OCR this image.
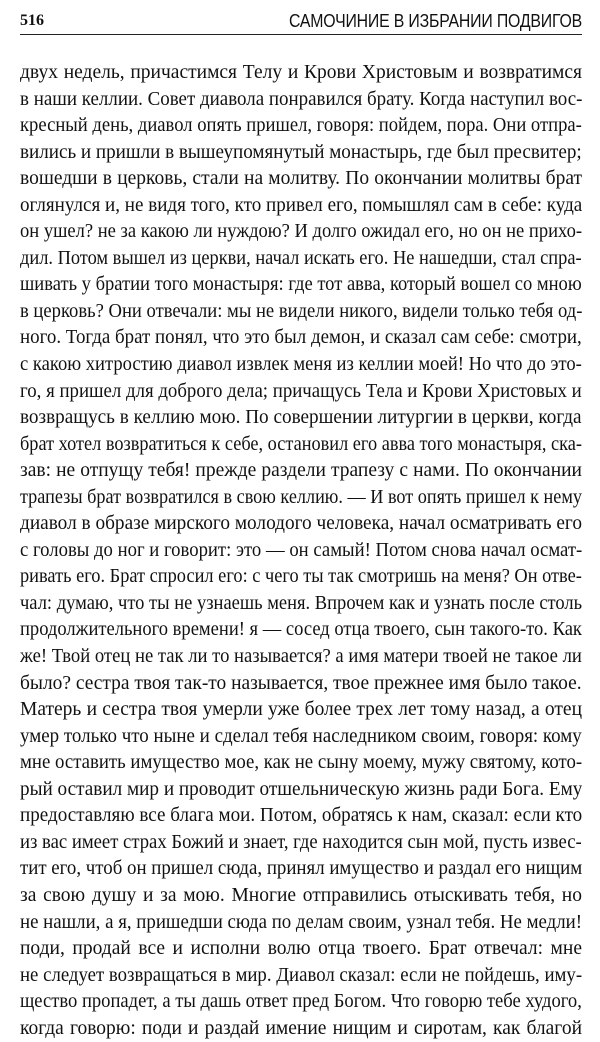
516	САМОЧИНИЕ В ИЗБРАНИИ ПОДВИГОВ
двух недель, причастимся Телу и Крови Христовым и возвратимся
в наши келлии. Совет диавола понравился брату. Когда наступил вос-
кресный день, диавол опять пришел, говоря: пойдем, пора. Они отпра-
вились и пришли в вышеупомянутый монастырь, где был пресвитер;
вошедши в церковь, стали на молитву. По окончании молитвы брат
оглянулся и, не видя того, кто привел его, помышлял сам в себе: куда
он ушел? не за какою ли нуждою? И долго ожидал его, но он не прихо-
дил. Потом вышел из церкви, начал искать его. Не нашедши, стал спра-
шивать у братии того монастыря: где тот авва, который вошел со мною
в церковь? Они отвечали: мы не видели никого, видели только тебя од-
ного. Тогда брат понял, что это был демон, и сказал сам себе: смотри,
с какою хитростию диавол извлек меня из келлии моей! Но что до это-
го, я пришел для доброго дела; причащусь Тела и Крови Христовых и
возвращусь в келлию мою. По совершении литургии в церкви, когда
брат хотел возвратиться к себе, остановил его авва того монастыря, ска-
зав: не отпущу тебя! прежде раздели трапезу с нами. По окончании
трапезы брат возвратился в свою келлию. — И вот опять пришел к нему
диавол в образе мирского молодого человека, начал осматривать его
с головы до ног и говорит: это — он самый! Потом снова начал осмат-
ривать его. Брат спросил его: с чего ты так смотришь на меня? Он отве-
чал: думаю, что ты не узнаешь меня. Впрочем как и узнать после столь
продолжительного времени! я — сосед отца твоего, сын такого-то. Как
же! Твой отец не так ли то называется? а имя матери твоей не такое ли
было? сестра твоя так-то называется, твое прежнее имя было такое.
Матерь и сестра твоя умерли уже более трех лет тому назад, а отец
умер только что ныне и сделал тебя наследником своим, говоря: кому
мне оставить имущество мое, как не сыну моему, мужу святому, кото-
рый оставил мир и проводит отшельническую жизнь ради Бога. Ему
предоставляю все блага мои. Потом, обратясь к нам, сказал: если кто
из вас имеет страх Божий и знает, где находится сын мой, пусть извес-
тит его, чтоб он пришел сюда, принял имущество и раздал его нищим
за свою душу и за мою. Многие отправились отыскивать тебя, но
не нашли, а я, пришедши сюда по делам своим, узнал тебя. Не медли!
поди, продай все и исполни волю отца твоего. Брат отвечал: мне
не следует возвращаться в мир. Диавол сказал: если не пойдешь, иму-
щество пропадет, а ты дашь ответ пред Богом. Что говорю тебе худого,
когда говорю: поди и раздай имение нищим и сиротам, как благой
